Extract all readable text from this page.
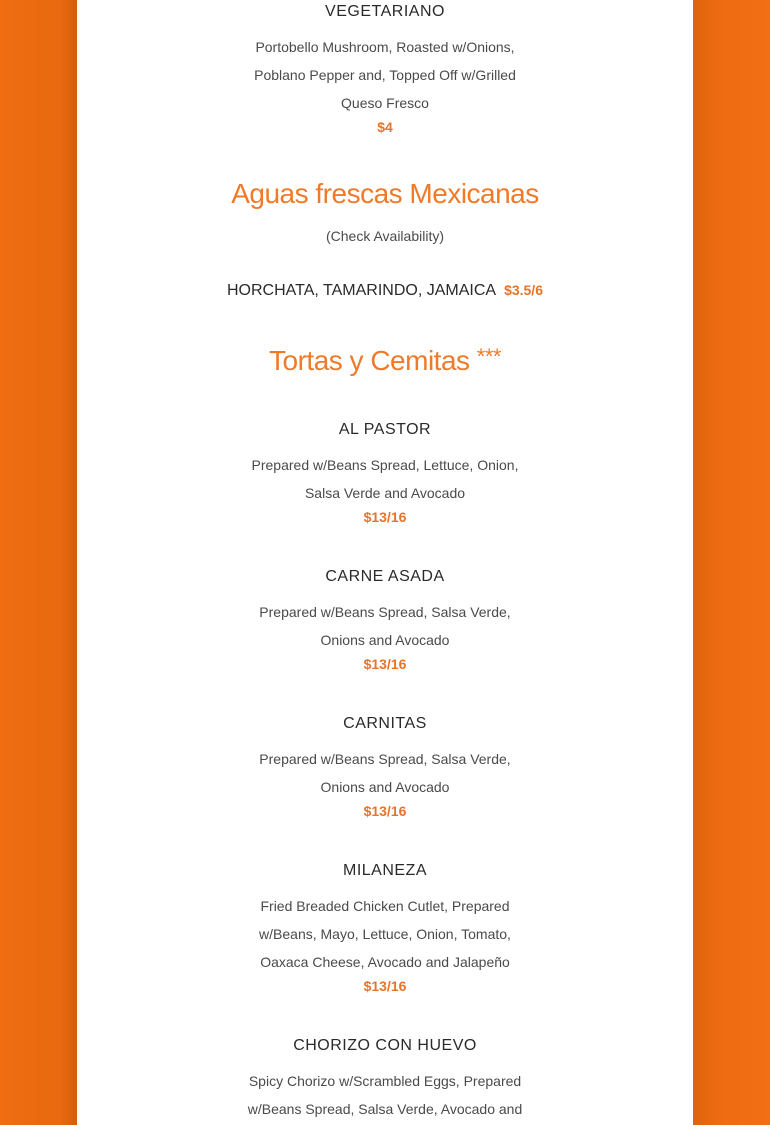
VEGETARIANO
Portobello Mushroom, Roasted w/Onions,
Poblano Pepper and, Topped Off w/Grilled
Queso Fresco
$4
Aguas frescas Mexicanas
(Check Availability)
HORCHATA, TAMARINDO, JAMAICA $3.5/6
Tortas y Cemitas ***
AL PASTOR
Prepared w/Beans Spread, Lettuce, Onion,
Salsa Verde and Avocado
$13/16
CARNE ASADA
Prepared w/Beans Spread, Salsa Verde,
Onions and Avocado
$13/16
CARNITAS
Prepared w/Beans Spread, Salsa Verde,
Onions and Avocado
$13/16
MILANEZA
Fried Breaded Chicken Cutlet, Prepared
w/Beans, Mayo, Lettuce, Onion, Tomato,
Oaxaca Cheese, Avocado and Jalapeño
$13/16
CHORIZO CON HUEVO
Spicy Chorizo w/Scrambled Eggs, Prepared
w/Beans Spread, Salsa Verde, Avocado and
